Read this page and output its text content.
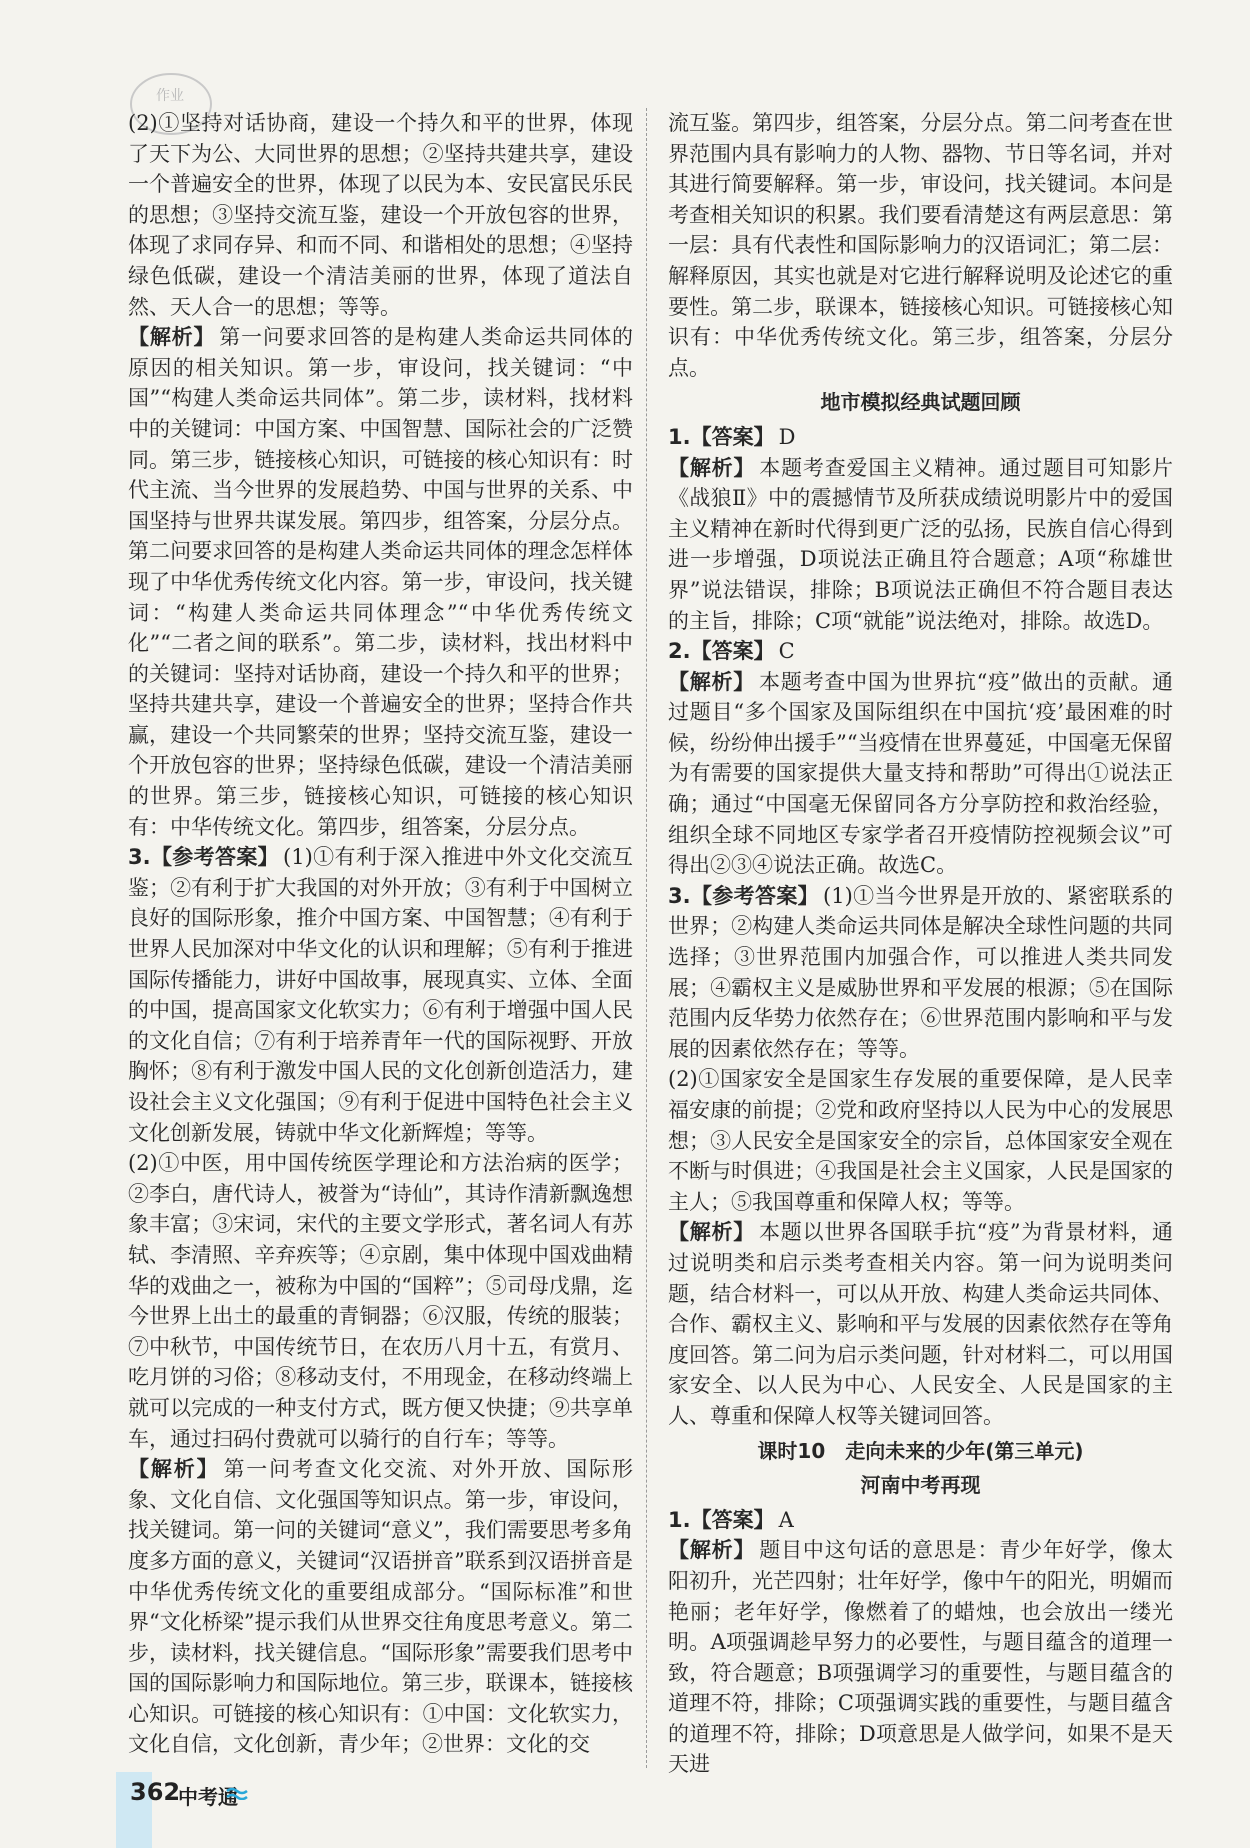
作业

(2)①坚持对话协商，建设一个持久和平的世界，体现了天下为公、大同世界的思想；②坚持共建共享，建设一个普遍安全的世界，体现了以民为本、安民富民乐民的思想；③坚持交流互鉴，建设一个开放包容的世界，体现了求同存异、和而不同、和谐相处的思想；④坚持绿色低碳，建设一个清洁美丽的世界，体现了道法自然、天人合一的思想；等等。

【解析】 第一问要求回答的是构建人类命运共同体的原因的相关知识。第一步，审设问，找关键词：“中国”“构建人类命运共同体”。第二步，读材料，找材料中的关键词：中国方案、中国智慧、国际社会的广泛赞同。第三步，链接核心知识，可链接的核心知识有：时代主流、当今世界的发展趋势、中国与世界的关系、中国坚持与世界共谋发展。第四步，组答案，分层分点。第二问要求回答的是构建人类命运共同体的理念怎样体现了中华优秀传统文化内容。第一步，审设问，找关键词：“构建人类命运共同体理念”“中华优秀传统文化”“二者之间的联系”。第二步，读材料，找出材料中的关键词：坚持对话协商，建设一个持久和平的世界；坚持共建共享，建设一个普遍安全的世界；坚持合作共赢，建设一个共同繁荣的世界；坚持交流互鉴，建设一个开放包容的世界；坚持绿色低碳，建设一个清洁美丽的世界。第三步，链接核心知识，可链接的核心知识有：中华传统文化。第四步，组答案，分层分点。

3.【参考答案】 (1)①有利于深入推进中外文化交流互鉴；②有利于扩大我国的对外开放；③有利于中国树立良好的国际形象，推介中国方案、中国智慧；④有利于世界人民加深对中华文化的认识和理解；⑤有利于推进国际传播能力，讲好中国故事，展现真实、立体、全面的中国，提高国家文化软实力；⑥有利于增强中国人民的文化自信；⑦有利于培养青年一代的国际视野、开放胸怀；⑧有利于激发中国人民的文化创新创造活力，建设社会主义文化强国；⑨有利于促进中国特色社会主义文化创新发展，铸就中华文化新辉煌；等等。

(2)①中医，用中国传统医学理论和方法治病的医学；②李白，唐代诗人，被誉为“诗仙”，其诗作清新飘逸想象丰富；③宋词，宋代的主要文学形式，著名词人有苏轼、李清照、辛弃疾等；④京剧，集中体现中国戏曲精华的戏曲之一，被称为中国的“国粹”；⑤司母戊鼎，迄今世界上出土的最重的青铜器；⑥汉服，传统的服装；⑦中秋节，中国传统节日，在农历八月十五，有赏月、吃月饼的习俗；⑧移动支付，不用现金，在移动终端上就可以完成的一种支付方式，既方便又快捷；⑨共享单车，通过扫码付费就可以骑行的自行车；等等。

【解析】 第一问考查文化交流、对外开放、国际形象、文化自信、文化强国等知识点。第一步，审设问，找关键词。第一问的关键词“意义”，我们需要思考多角度多方面的意义，关键词“汉语拼音”联系到汉语拼音是中华优秀传统文化的重要组成部分。“国际标准”和世界“文化桥梁”提示我们从世界交往角度思考意义。第二步，读材料，找关键信息。“国际形象”需要我们思考中国的国际影响力和国际地位。第三步，联课本，链接核心知识。可链接的核心知识有：①中国：文化软实力，文化自信，文化创新，青少年；②世界：文化的交

流互鉴。第四步，组答案，分层分点。第二问考查在世界范围内具有影响力的人物、器物、节日等名词，并对其进行简要解释。第一步，审设问，找关键词。本问是考查相关知识的积累。我们要看清楚这有两层意思：第一层：具有代表性和国际影响力的汉语词汇；第二层：解释原因，其实也就是对它进行解释说明及论述它的重要性。第二步，联课本，链接核心知识。可链接核心知识有：中华优秀传统文化。第三步，组答案，分层分点。

地市模拟经典试题回顾

1.【答案】 D

【解析】 本题考查爱国主义精神。通过题目可知影片《战狼Ⅱ》中的震撼情节及所获成绩说明影片中的爱国主义精神在新时代得到更广泛的弘扬，民族自信心得到进一步增强，D项说法正确且符合题意；A项“称雄世界”说法错误，排除；B项说法正确但不符合题目表达的主旨，排除；C项“就能”说法绝对，排除。故选D。

2.【答案】 C

【解析】 本题考查中国为世界抗“疫”做出的贡献。通过题目“多个国家及国际组织在中国抗‘疫’最困难的时候，纷纷伸出援手”“当疫情在世界蔓延，中国毫无保留为有需要的国家提供大量支持和帮助”可得出①说法正确；通过“中国毫无保留同各方分享防控和救治经验，组织全球不同地区专家学者召开疫情防控视频会议”可得出②③④说法正确。故选C。

3.【参考答案】 (1)①当今世界是开放的、紧密联系的世界；②构建人类命运共同体是解决全球性问题的共同选择；③世界范围内加强合作，可以推进人类共同发展；④霸权主义是威胁世界和平发展的根源；⑤在国际范围内反华势力依然存在；⑥世界范围内影响和平与发展的因素依然存在；等等。

(2)①国家安全是国家生存发展的重要保障，是人民幸福安康的前提；②党和政府坚持以人民为中心的发展思想；③人民安全是国家安全的宗旨，总体国家安全观在不断与时俱进；④我国是社会主义国家，人民是国家的主人；⑤我国尊重和保障人权；等等。

【解析】 本题以世界各国联手抗“疫”为背景材料，通过说明类和启示类考查相关内容。第一问为说明类问题，结合材料一，可以从开放、构建人类命运共同体、合作、霸权主义、影响和平与发展的因素依然存在等角度回答。第二问为启示类问题，针对材料二，可以用国家安全、以人民为中心、人民安全、人民是国家的主人、尊重和保障人权等关键词回答。

课时10　走向未来的少年(第三单元)
河南中考再现

1.【答案】 A

【解析】 题目中这句话的意思是：青少年好学，像太阳初升，光芒四射；壮年好学，像中午的阳光，明媚而艳丽；老年好学，像燃着了的蜡烛，也会放出一缕光明。A项强调趁早努力的必要性，与题目蕴含的道理一致，符合题意；B项强调学习的重要性，与题目蕴含的道理不符，排除；C项强调实践的重要性，与题目蕴含的道理不符，排除；D项意思是人做学问，如果不是天天进

362
中考通
